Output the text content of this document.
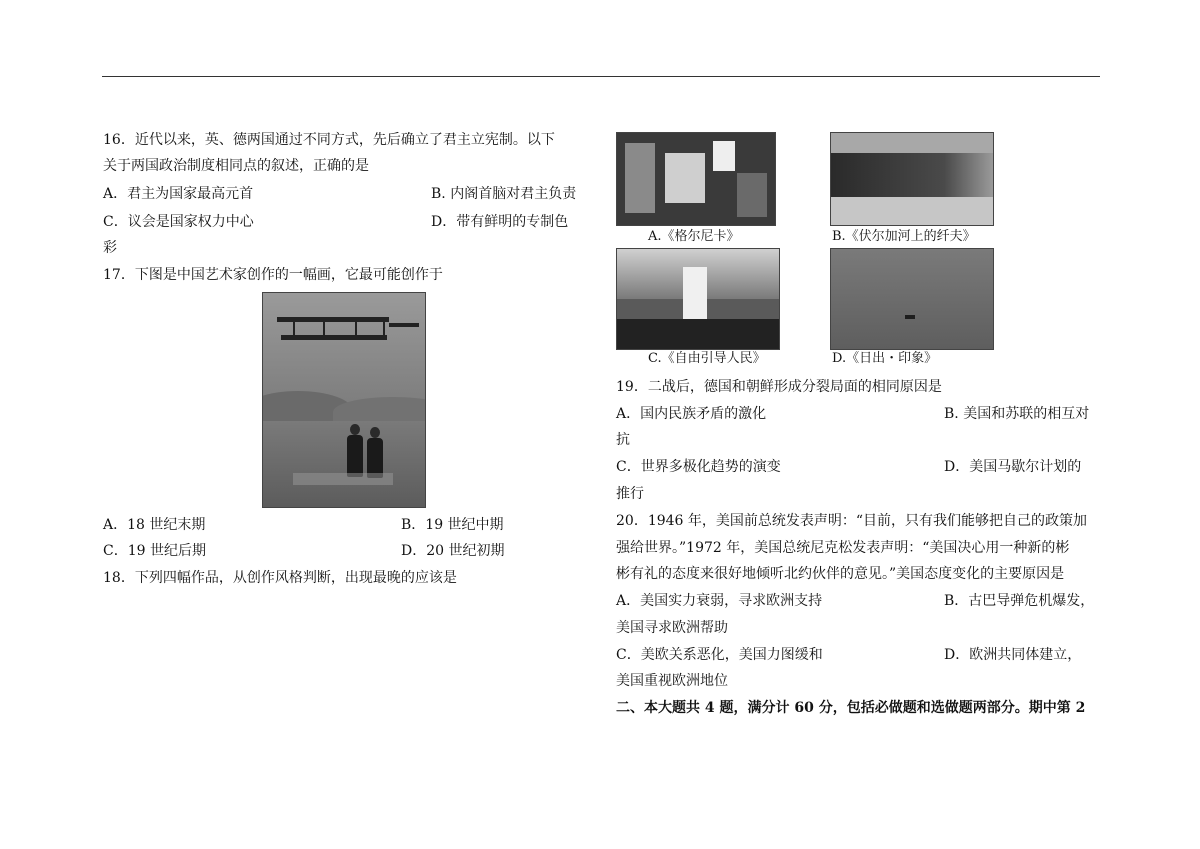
16．近代以来，英、德两国通过不同方式，先后确立了君主立宪制。以下
关于两国政治制度相同点的叙述，正确的是
A．君主为国家最高元首	B. 内阁首脑对君主负责
C．议会是国家权力中心	D．带有鲜明的专制色
彩
17．下图是中国艺术家创作的一幅画，它最可能创作于
A．18 世纪末期	B．19 世纪中期
C．19 世纪后期	D．20 世纪初期
18．下列四幅作品，从创作风格判断，出现最晚的应该是
A.《格尔尼卡》	B.《伏尔加河上的纤夫》
C.《自由引导人民》	D.《日出・印象》
19．二战后，德国和朝鲜形成分裂局面的相同原因是
A．国内民族矛盾的激化	B. 美国和苏联的相互对
抗
C．世界多极化趋势的演变	D．美国马歇尔计划的
推行
20．1946 年，美国前总统发表声明：“目前，只有我们能够把自己的政策加
强给世界。”1972 年，美国总统尼克松发表声明：“美国决心用一种新的彬
彬有礼的态度来很好地倾听北约伙伴的意见。”美国态度变化的主要原因是
A．美国实力衰弱，寻求欧洲支持	B．古巴导弹危机爆发，
美国寻求欧洲帮助
C．美欧关系恶化，美国力图缓和	D．欧洲共同体建立，
美国重视欧洲地位
二、本大题共 4 题，满分计 60 分，包括必做题和选做题两部分。期中第 2
